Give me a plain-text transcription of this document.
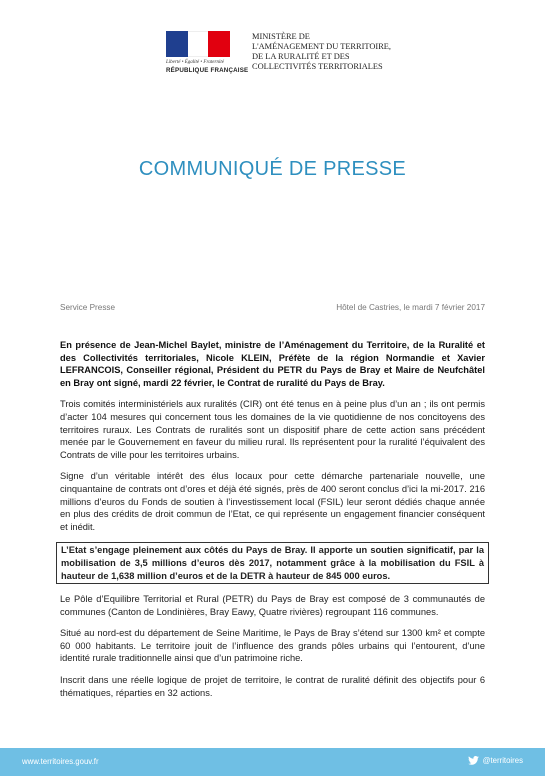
Liberté • Égalité • Fraternité
RÉPUBLIQUE FRANÇAISE
MINISTÈRE DE
L'AMÉNAGEMENT DU TERRITOIRE,
DE LA RURALITÉ ET DES
COLLECTIVITÉS TERRITORIALES
COMMUNIQUÉ DE PRESSE
Service Presse	Hôtel de Castries, le mardi 7 février 2017

En présence de Jean-Michel Baylet, ministre de l’Aménagement du Territoire, de la Ruralité et des Collectivités territoriales, Nicole KLEIN, Préfète de la région Normandie et Xavier LEFRANCOIS, Conseiller régional, Président du PETR du Pays de Bray et Maire de Neufchâtel en Bray ont signé, mardi 22 février, le Contrat de ruralité du Pays de Bray.

Trois comités interministériels aux ruralités (CIR) ont été tenus en à peine plus d’un an ; ils ont permis d’acter 104 mesures qui concernent tous les domaines de la vie quotidienne de nos concitoyens des territoires ruraux. Les Contrats de ruralités sont un dispositif phare de cette action sans précédent menée par le Gouvernement en faveur du milieu rural. Ils représentent pour la ruralité l’équivalent des Contrats de ville pour les territoires urbains.

Signe d’un véritable intérêt des élus locaux pour cette démarche partenariale nouvelle, une cinquantaine de contrats ont d’ores et déjà été signés, près de 400 seront conclus d’ici la mi-2017. 216 millions d’euros du Fonds de soutien à l’investissement local (FSIL) leur seront dédiés chaque année en plus des crédits de droit commun de l’Etat, ce qui représente un engagement financier conséquent et inédit.

L’Etat s’engage pleinement aux côtés du Pays de Bray. Il apporte un soutien significatif, par la mobilisation de 3,5 millions d’euros dès 2017, notamment grâce à la mobilisation du FSIL à hauteur de 1,638 million d’euros et de la DETR à hauteur de 845 000 euros.

Le Pôle d’Equilibre Territorial et Rural (PETR) du Pays de Bray est composé de 3 communautés de communes (Canton de Londinières, Bray Eawy, Quatre rivières) regroupant 116 communes.

Situé au nord-est du département de Seine Maritime, le Pays de Bray s’étend sur 1300 km² et compte 60 000 habitants. Le territoire jouit de l’influence des grands pôles urbains qui l’entourent, d’une identité rurale traditionnelle ainsi que d’un patrimoine riche.

Inscrit dans une réelle logique de projet de territoire, le contrat de ruralité définit des objectifs pour 6 thématiques, réparties en 32 actions.

www.territoires.gouv.fr	@territoires
